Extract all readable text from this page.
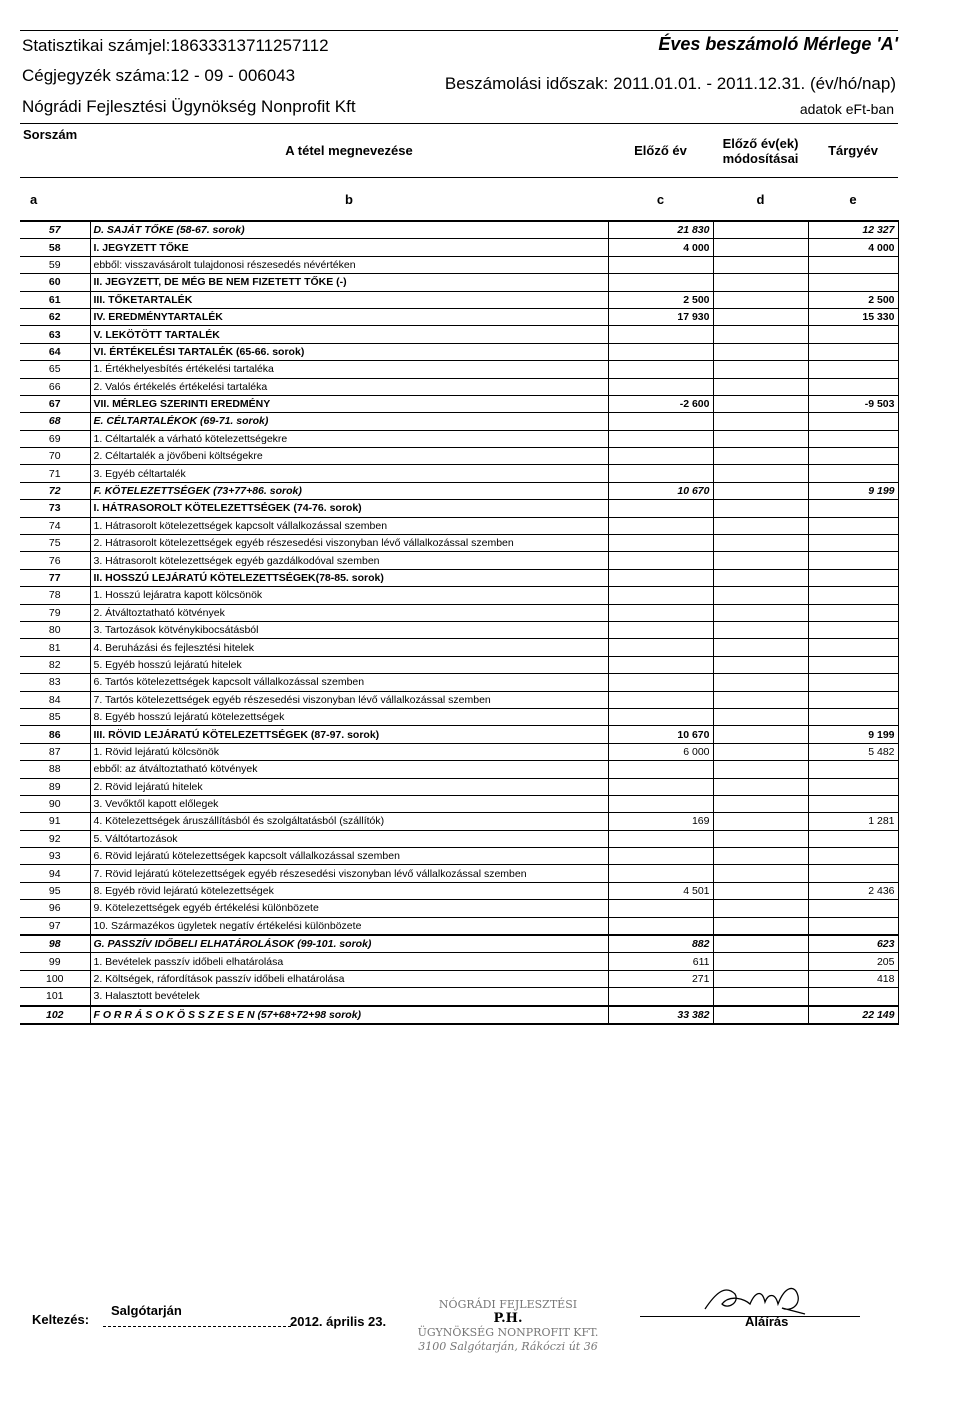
Statisztikai számjel:18633313711257112
Cégjegyzék száma:12 - 09 - 006043
Nógrádi Fejlesztési Ügynökség Nonprofit Kft
Éves beszámoló Mérlege 'A'
Beszámolási időszak: 2011.01.01. - 2011.12.31. (év/hó/nap)
adatok eFt-ban
Sorszám	A tétel megnevezése	Előző év	Előző év(ek)
módosításai	Tárgyév
a	b	c	d	e
57	D. SAJÁT TŐKE (58-67. sorok)	21 830		12 327
58	I. JEGYZETT TŐKE	4 000		4 000
59	ebből: visszavásárolt tulajdonosi részesedés névértéken			
60	II. JEGYZETT, DE MÉG BE NEM FIZETETT TŐKE (-)			
61	III. TŐKETARTALÉK	2 500		2 500
62	IV. EREDMÉNYTARTALÉK	17 930		15 330
63	V. LEKÖTÖTT TARTALÉK			
64	VI. ÉRTÉKELÉSI TARTALÉK (65-66. sorok)			
65	1. Értékhelyesbítés értékelési tartaléka			
66	2. Valós értékelés értékelési tartaléka			
67	VII. MÉRLEG SZERINTI EREDMÉNY	-2 600		-9 503
68	E. CÉLTARTALÉKOK (69-71. sorok)			
69	1. Céltartalék a várható kötelezettségekre			
70	2. Céltartalék a jövőbeni költségekre			
71	3. Egyéb céltartalék			
72	F. KÖTELEZETTSÉGEK (73+77+86. sorok)	10 670		9 199
73	I. HÁTRASOROLT KÖTELEZETTSÉGEK (74-76. sorok)			
74	1. Hátrasorolt kötelezettségek kapcsolt vállalkozással szemben			
75	2. Hátrasorolt kötelezettségek egyéb részesedési viszonyban lévő vállalkozással szemben			
76	3. Hátrasorolt kötelezettségek egyéb gazdálkodóval szemben			
77	II. HOSSZÚ LEJÁRATÚ KÖTELEZETTSÉGEK(78-85. sorok)			
78	1. Hosszú lejáratra kapott kölcsönök			
79	2. Átváltoztatható kötvények			
80	3. Tartozások kötvénykibocsátásból			
81	4. Beruházási és fejlesztési hitelek			
82	5. Egyéb hosszú lejáratú hitelek			
83	6. Tartós kötelezettségek kapcsolt vállalkozással szemben			
84	7. Tartós kötelezettségek egyéb részesedési viszonyban lévő vállalkozással szemben			
85	8. Egyéb hosszú lejáratú kötelezettségek			
86	III. RÖVID LEJÁRATÚ KÖTELEZETTSÉGEK (87-97. sorok)	10 670		9 199
87	1. Rövid lejáratú kölcsönök	6 000		5 482
88	ebből: az átváltoztatható kötvények			
89	2. Rövid lejáratú hitelek			
90	3. Vevőktől kapott előlegek			
91	4. Kötelezettségek áruszállításból és szolgáltatásból (szállítók)	169		1 281
92	5. Váltótartozások			
93	6. Rövid lejáratú kötelezettségek kapcsolt vállalkozással szemben			
94	7. Rövid lejáratú kötelezettségek egyéb részesedési viszonyban lévő vállalkozással szemben			
95	8. Egyéb rövid lejáratú kötelezettségek	4 501		2 436
96	9. Kötelezettségek egyéb értékelési különbözete			
97	10. Származékos ügyletek negatív értékelési különbözete			
98	G. PASSZÍV IDŐBELI ELHATÁROLÁSOK (99-101. sorok)	882		623
99	1. Bevételek passzív időbeli elhatárolása	611		205
100	2. Költségek, ráfordítások passzív időbeli elhatárolása	271		418
101	3. Halasztott bevételek			
102	F O R R Á S O K Ö S S Z E S E N (57+68+72+98 sorok)	33 382		22 149
Keltezés:
Salgótarján
2012. április 23.
NÓGRÁDI FEJLESZTÉSI
P.H.
ÜGYNÖKSÉG NONPROFIT KFT.
3100 Salgótarján, Rákóczi út 36
Aláírás
